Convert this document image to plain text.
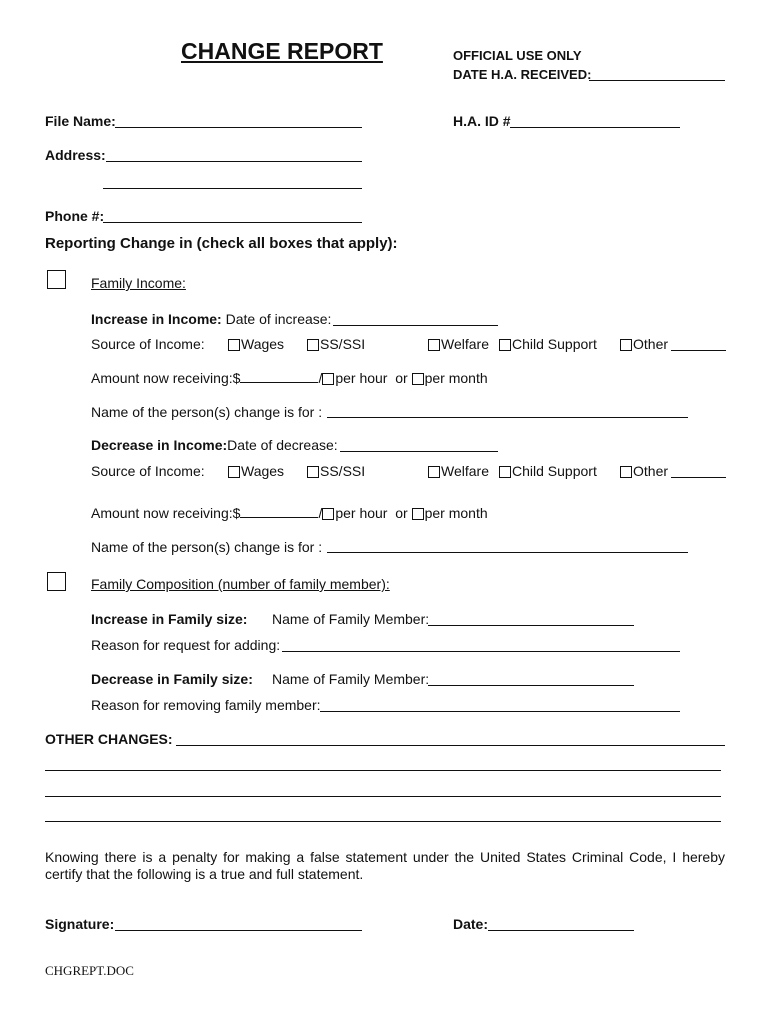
CHANGE REPORT	OFFICIAL USE ONLY
DATE H.A. RECEIVED:
File Name:	H.A. ID #
Address:
Phone #:
Reporting Change in (check all boxes that apply):
Family Income:
Increase in Income: Date of increase:
Source of Income:	Wages	SS/SSI	Welfare	Child Support	Other
Amount now receiving:$	/ per hour or per month
Name of the person(s) change is for :
Decrease in Income:Date of decrease:
Source of Income:	Wages	SS/SSI	Welfare	Child Support	Other
Amount now receiving:$	/ per hour or per month
Name of the person(s) change is for :
Family Composition (number of family member):
Increase in Family size: Name of Family Member:
Reason for request for adding:
Decrease in Family size: Name of Family Member:
Reason for removing family member:
OTHER CHANGES:
Knowing there is a penalty for making a false statement under the United States Criminal Code, I hereby certify that the following is a true and full statement.
Signature:	Date:
CHGREPT.DOC
